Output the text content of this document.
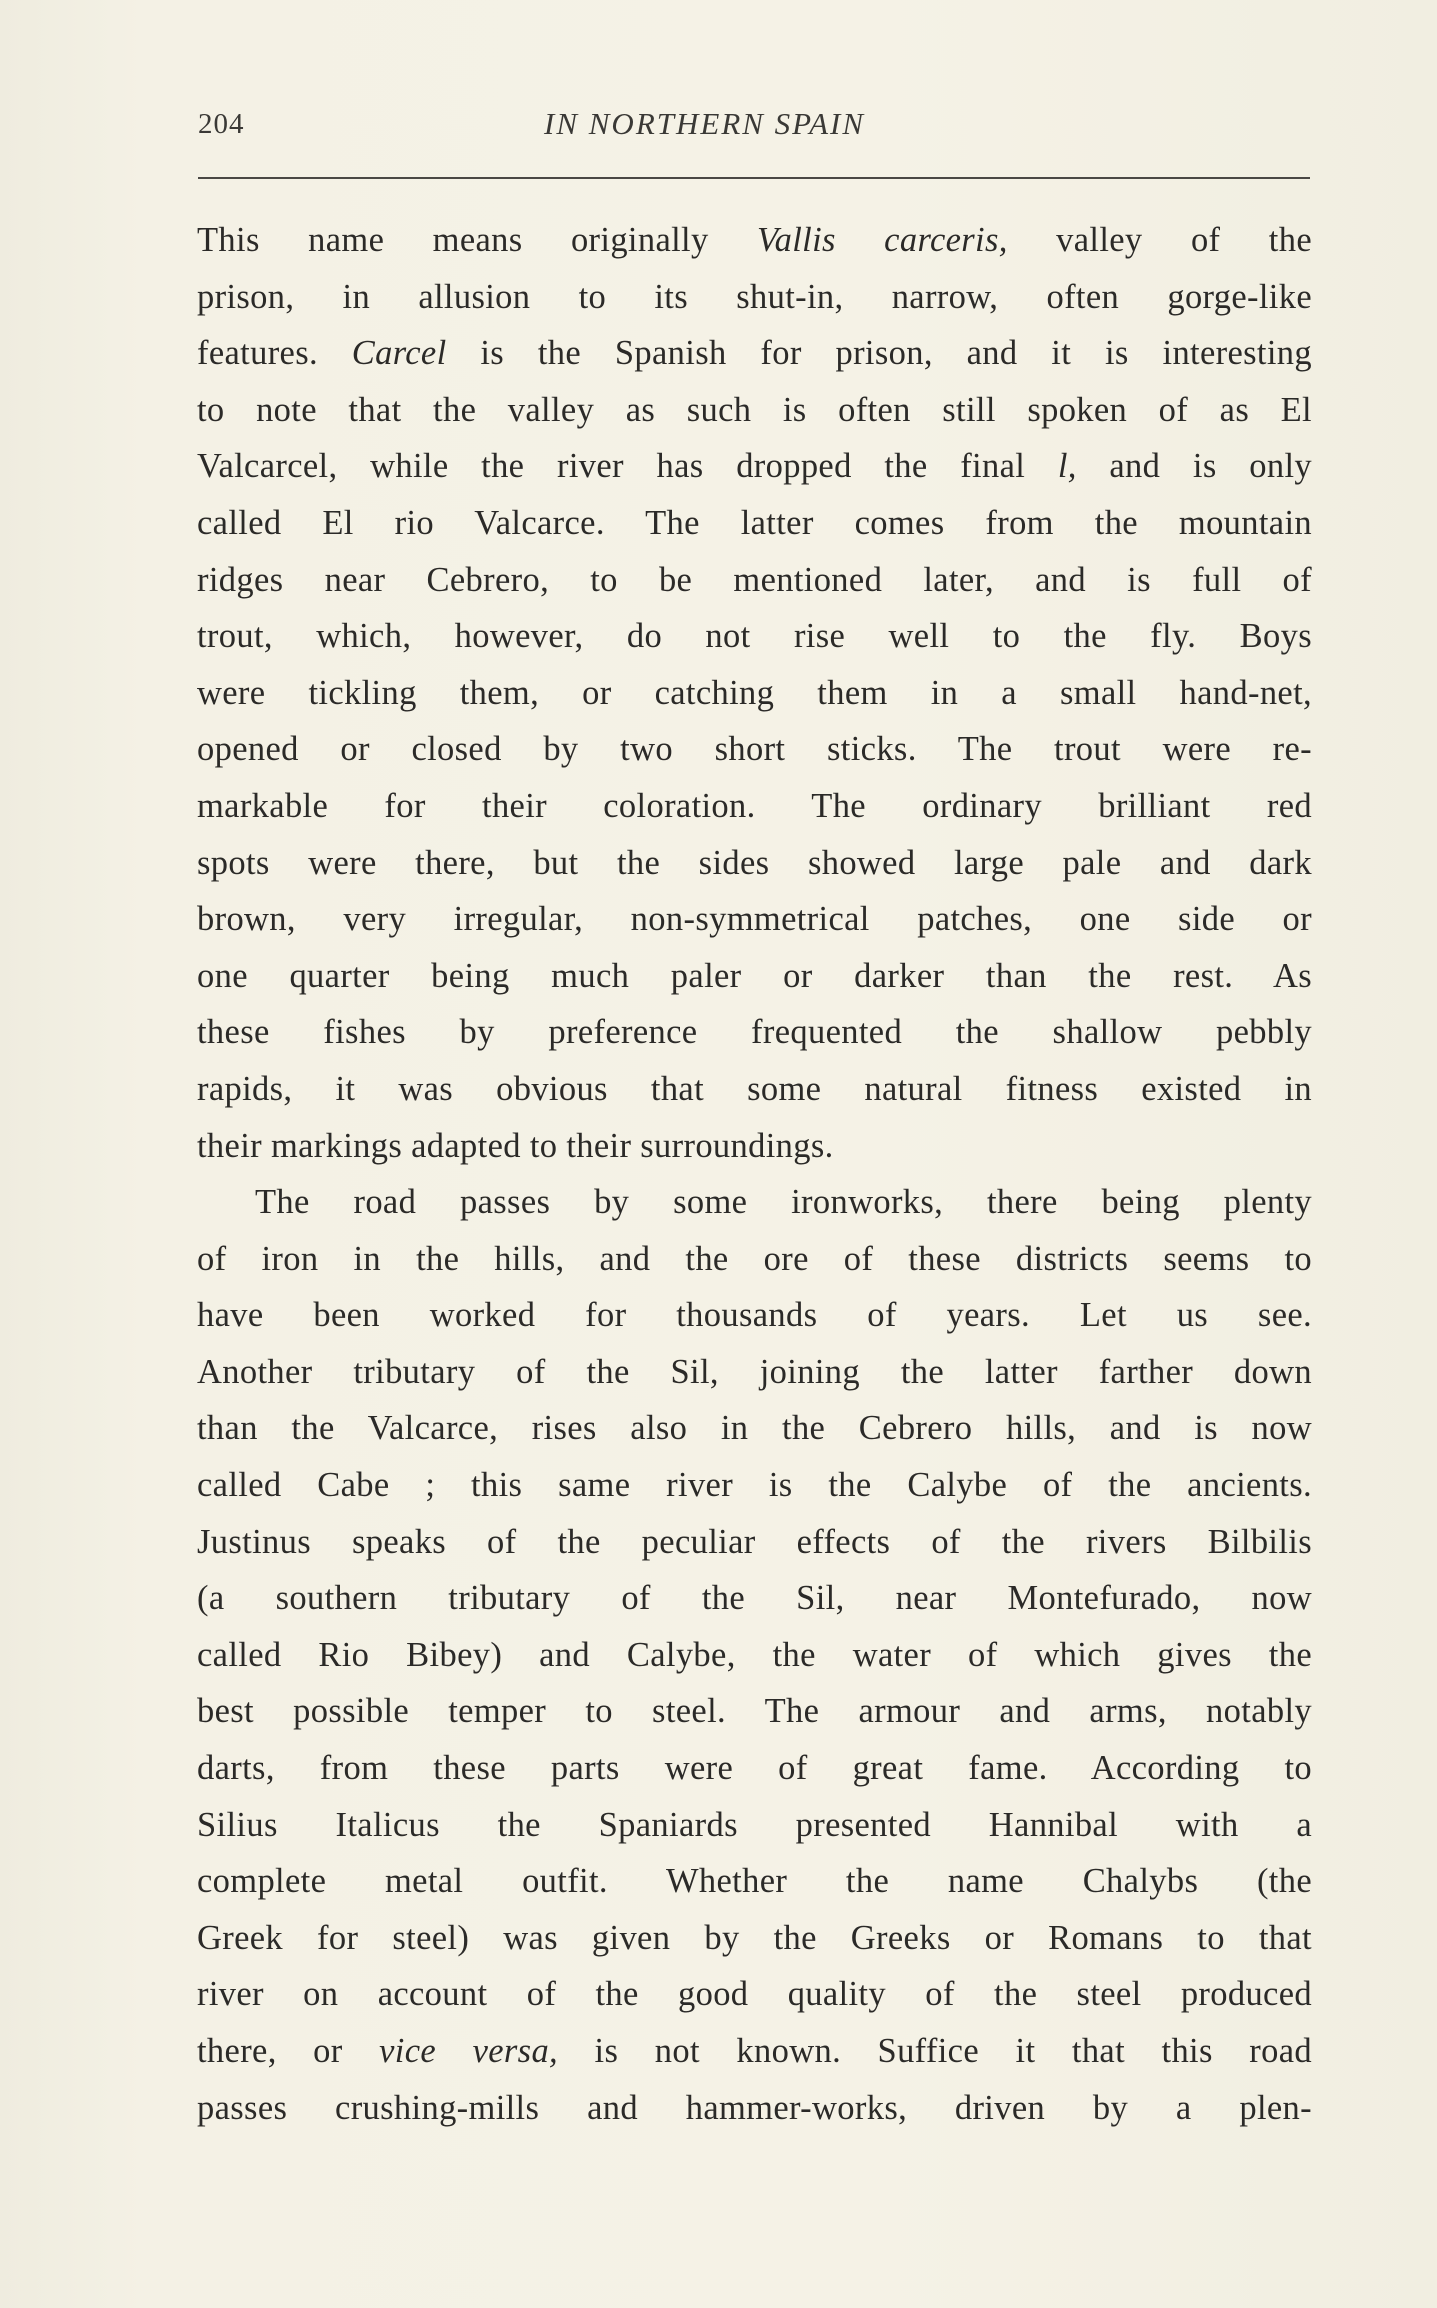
204	IN NORTHERN SPAIN
This name means originally Vallis carceris, valley of the
prison, in allusion to its shut-in, narrow, often gorge-like
features. Carcel is the Spanish for prison, and it is interesting
to note that the valley as such is often still spoken of as El
Valcarcel, while the river has dropped the final l, and is only
called El rio Valcarce. The latter comes from the mountain
ridges near Cebrero, to be mentioned later, and is full of
trout, which, however, do not rise well to the fly. Boys
were tickling them, or catching them in a small hand-net,
opened or closed by two short sticks. The trout were re-
markable for their coloration. The ordinary brilliant red
spots were there, but the sides showed large pale and dark
brown, very irregular, non-symmetrical patches, one side or
one quarter being much paler or darker than the rest. As
these fishes by preference frequented the shallow pebbly
rapids, it was obvious that some natural fitness existed in
their markings adapted to their surroundings.
The road passes by some ironworks, there being plenty
of iron in the hills, and the ore of these districts seems to
have been worked for thousands of years. Let us see.
Another tributary of the Sil, joining the latter farther down
than the Valcarce, rises also in the Cebrero hills, and is now
called Cabe ; this same river is the Calybe of the ancients.
Justinus speaks of the peculiar effects of the rivers Bilbilis
(a southern tributary of the Sil, near Montefurado, now
called Rio Bibey) and Calybe, the water of which gives the
best possible temper to steel. The armour and arms, notably
darts, from these parts were of great fame. According to
Silius Italicus the Spaniards presented Hannibal with a
complete metal outfit. Whether the name Chalybs (the
Greek for steel) was given by the Greeks or Romans to that
river on account of the good quality of the steel produced
there, or vice versa, is not known. Suffice it that this road
passes crushing-mills and hammer-works, driven by a plen-
